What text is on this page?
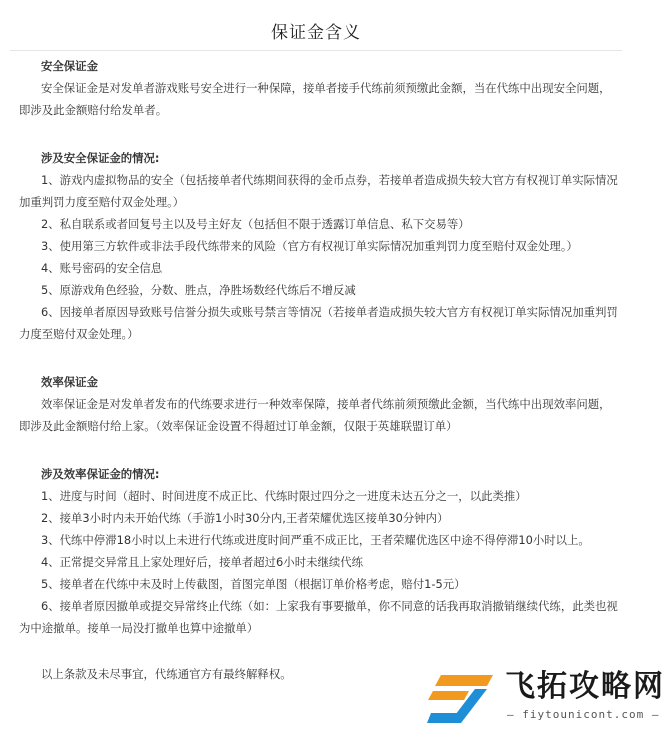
保证金含义

安全保证金

安全保证金是对发单者游戏账号安全进行一种保障，接单者接手代练前须预缴此金额，当在代练中出现安全问题，即涉及此金额赔付给发单者。

涉及安全保证金的情况:

1、游戏内虚拟物品的安全（包括接单者代练期间获得的金币点券，若接单者造成损失较大官方有权视订单实际情况加重判罚力度至赔付双金处理。）

2、私自联系或者回复号主以及号主好友（包括但不限于透露订单信息、私下交易等）

3、使用第三方软件或非法手段代练带来的风险（官方有权视订单实际情况加重判罚力度至赔付双金处理。）

4、账号密码的安全信息

5、原游戏角色经验，分数、胜点，净胜场数经代练后不增反减

6、因接单者原因导致账号信誉分损失或账号禁言等情况（若接单者造成损失较大官方有权视订单实际情况加重判罚力度至赔付双金处理。）

效率保证金

效率保证金是对发单者发布的代练要求进行一种效率保障，接单者代练前须预缴此金额，当代练中出现效率问题，即涉及此金额赔付给上家。（效率保证金设置不得超过订单金额，仅限于英雄联盟订单）

涉及效率保证金的情况:

1、进度与时间（超时、时间进度不成正比、代练时限过四分之一进度未达五分之一，以此类推）

2、接单3小时内未开始代练（手游1小时30分内,王者荣耀优选区接单30分钟内）

3、代练中停滞18小时以上未进行代练或进度时间严重不成正比，王者荣耀优选区中途不得停滞10小时以上。

4、正常提交异常且上家处理好后，接单者超过6小时未继续代练

5、接单者在代练中未及时上传截图，首图完单图（根据订单价格考虑，赔付1-5元）

6、接单者原因撤单或提交异常终止代练（如：上家我有事要撤单，你不同意的话我再取消撤销继续代练，此类也视为中途撤单。接单一局没打撤单也算中途撤单）

以上条款及未尽事宜，代练通官方有最终解释权。	飞拓攻略网
— fiytounicont.com —
